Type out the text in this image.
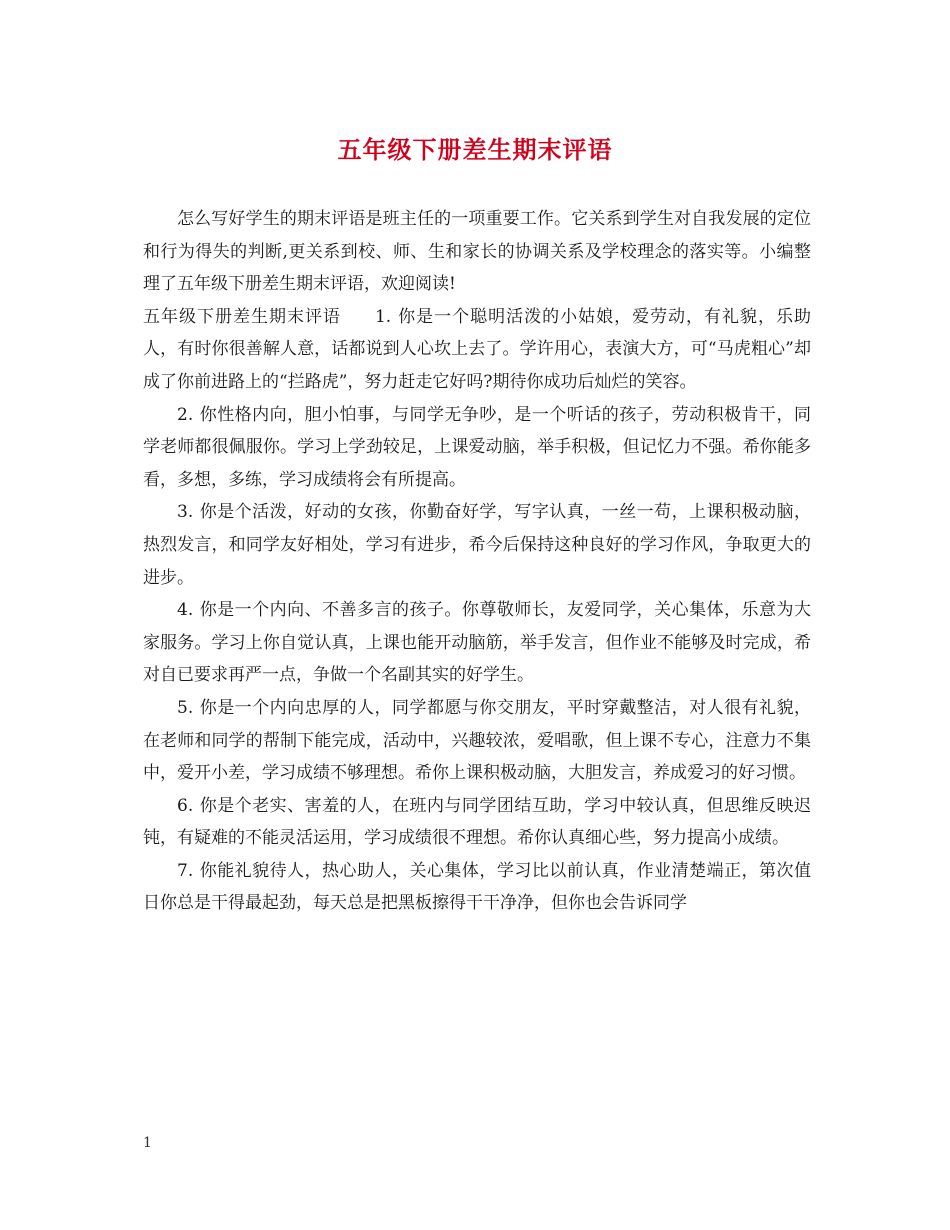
五年级下册差生期末评语

怎么写好学生的期末评语是班主任的一项重要工作。它关系到学生对自我发展的定位和行为得失的判断,更关系到校、师、生和家长的协调关系及学校理念的落实等。小编整理了五年级下册差生期末评语，欢迎阅读!

五年级下册差生期末评语 1. 你是一个聪明活泼的小姑娘，爱劳动，有礼貌，乐助人，有时你很善解人意，话都说到人心坎上去了。学许用心，表演大方，可“马虎粗心”却成了你前进路上的“拦路虎”，努力赶走它好吗?期待你成功后灿烂的笑容。

2. 你性格内向，胆小怕事，与同学无争吵，是一个听话的孩子，劳动积极肯干，同学老师都很佩服你。学习上学劲较足，上课爱动脑，举手积极，但记忆力不强。希你能多看，多想，多练，学习成绩将会有所提高。

3. 你是个活泼，好动的女孩，你勤奋好学，写字认真，一丝一苟，上课积极动脑，热烈发言，和同学友好相处，学习有进步，希今后保持这种良好的学习作风，争取更大的进步。

4. 你是一个内向、不善多言的孩子。你尊敬师长，友爱同学，关心集体，乐意为大家服务。学习上你自觉认真，上课也能开动脑筋，举手发言，但作业不能够及时完成，希对自已要求再严一点，争做一个名副其实的好学生。

5. 你是一个内向忠厚的人，同学都愿与你交朋友，平时穿戴整洁，对人很有礼貌，在老师和同学的帮制下能完成，活动中，兴趣较浓，爱唱歌，但上课不专心，注意力不集中，爱开小差，学习成绩不够理想。希你上课积极动脑，大胆发言，养成爱习的好习惯。

6. 你是个老实、害羞的人，在班内与同学团结互助，学习中较认真，但思维反映迟钝，有疑难的不能灵活运用，学习成绩很不理想。希你认真细心些，努力提高小成绩。

7. 你能礼貌待人，热心助人，关心集体，学习比以前认真，作业清楚端正，第次值日你总是干得最起劲，每天总是把黑板擦得干干净净，但你也会告诉同学

1
